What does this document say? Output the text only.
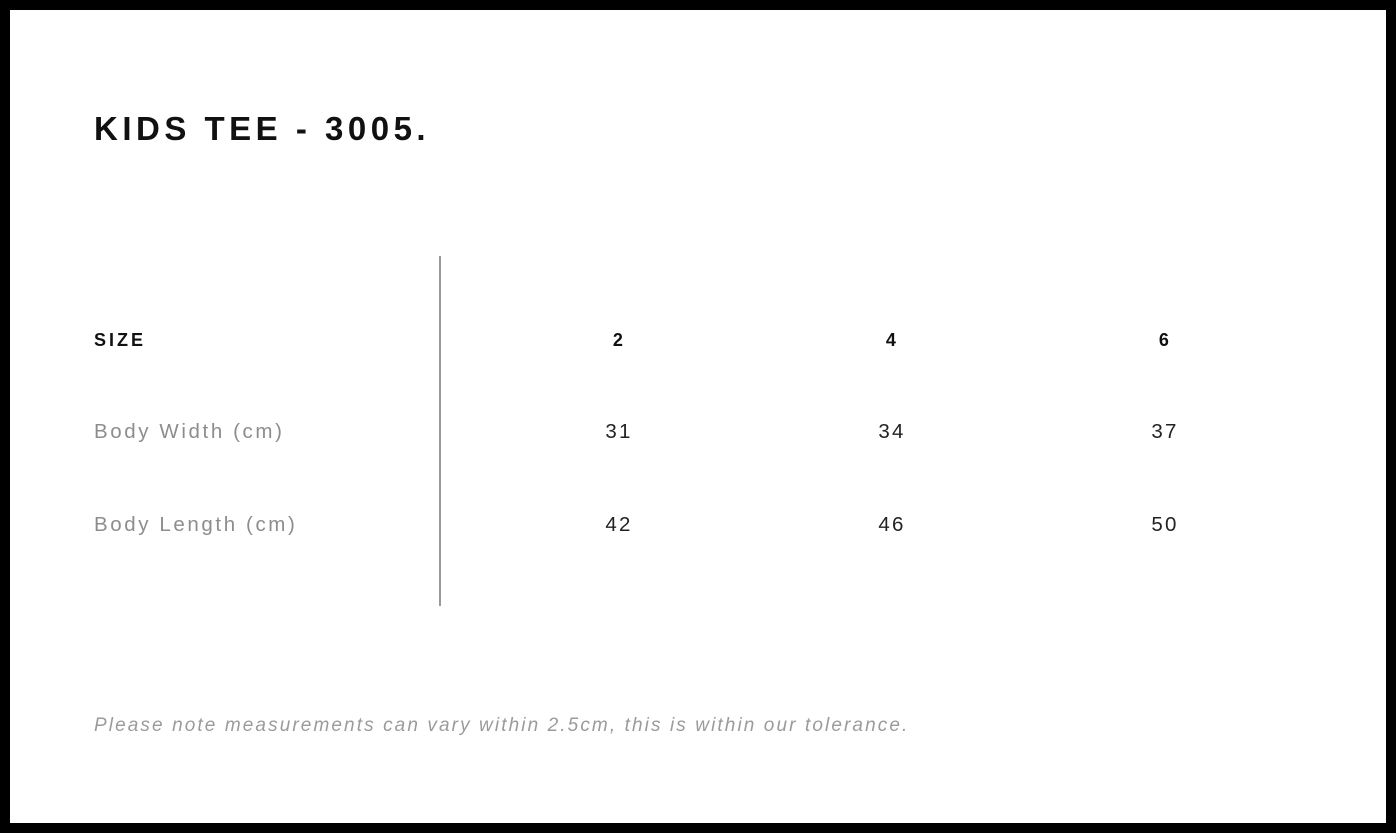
KIDS TEE - 3005.
SIZE	2	4	6
Body Width (cm)	31	34	37
Body Length (cm)	42	46	50
Please note measurements can vary within 2.5cm, this is within our tolerance.
